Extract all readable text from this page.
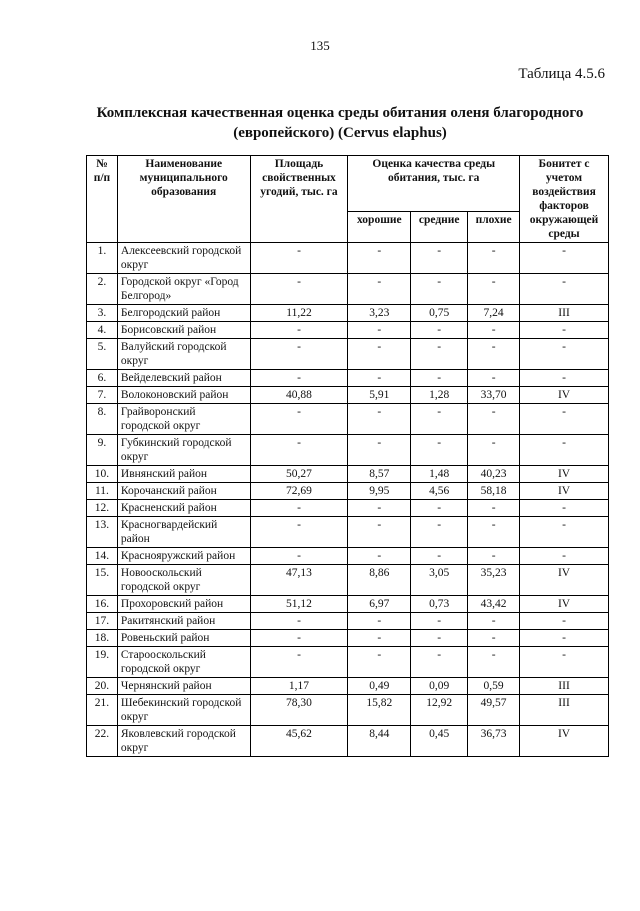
135
Таблица 4.5.6
Комплексная качественная оценка среды обитания оленя благородного (европейского) (Cervus elaphus)
№ п/п	Наименование муниципального образования	Площадь свойственных угодий, тыс. га	Оценка качества среды обитания, тыс. га			Бонитет с учетом воздействия факторов окружающей среды
			хорошие	средние	плохие	
1.	Алексеевский городской округ	-	-	-	-	-
2.	Городской округ «Город Белгород»	-	-	-	-	-
3.	Белгородский район	11,22	3,23	0,75	7,24	III
4.	Борисовский район	-	-	-	-	-
5.	Валуйский городской округ	-	-	-	-	-
6.	Вейделевский район	-	-	-	-	-
7.	Волоконовский район	40,88	5,91	1,28	33,70	IV
8.	Грайворонский городской округ	-	-	-	-	-
9.	Губкинский городской округ	-	-	-	-	-
10.	Ивнянский район	50,27	8,57	1,48	40,23	IV
11.	Корочанский район	72,69	9,95	4,56	58,18	IV
12.	Красненский район	-	-	-	-	-
13.	Красногвардейский район	-	-	-	-	-
14.	Краснояружский район	-	-	-	-	-
15.	Новооскольский городской округ	47,13	8,86	3,05	35,23	IV
16.	Прохоровский район	51,12	6,97	0,73	43,42	IV
17.	Ракитянский район	-	-	-	-	-
18.	Ровеньский район	-	-	-	-	-
19.	Старооскольский городской округ	-	-	-	-	-
20.	Чернянский район	1,17	0,49	0,09	0,59	III
21.	Шебекинский городской округ	78,30	15,82	12,92	49,57	III
22.	Яковлевский городской округ	45,62	8,44	0,45	36,73	IV
